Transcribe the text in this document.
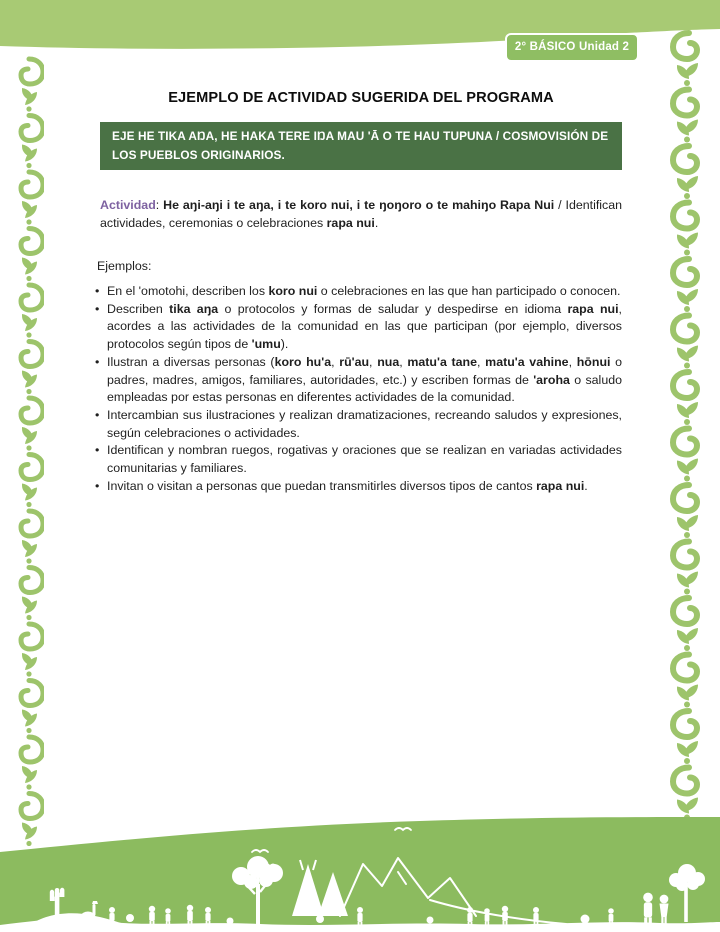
2° BÁSICO Unidad 2
EJEMPLO DE ACTIVIDAD SUGERIDA DEL PROGRAMA
EJE HE TIKA AŊA, HE HAKA TERE IŊA MAU 'Ā O TE HAU TUPUNA / COSMOVISIÓN DE LOS PUEBLOS ORIGINARIOS.

Actividad: He aŋi-aŋi i te aŋa, i te koro nui, i te ŋoŋoro o te mahiŋo Rapa Nui / Identifican actividades, ceremonias o celebraciones rapa nui.

Ejemplos:
• En el 'omotohi, describen los koro nui o celebraciones en las que han participado o conocen.
• Describen tika aŋa o protocolos y formas de saludar y despedirse en idioma rapa nui, acordes a las actividades de la comunidad en las que participan (por ejemplo, diversos protocolos según tipos de 'umu).
• Ilustran a diversas personas (koro hu'a, rū'au, nua, matu'a tane, matu'a vahine, hōnui o padres, madres, amigos, familiares, autoridades, etc.) y escriben formas de 'aroha o saludo empleadas por estas personas en diferentes actividades de la comunidad.
• Intercambian sus ilustraciones y realizan dramatizaciones, recreando saludos y expresiones, según celebraciones o actividades.
• Identifican y nombran ruegos, rogativas y oraciones que se realizan en variadas actividades comunitarias y familiares.
• Invitan o visitan a personas que puedan transmitirles diversos tipos de cantos rapa nui.
